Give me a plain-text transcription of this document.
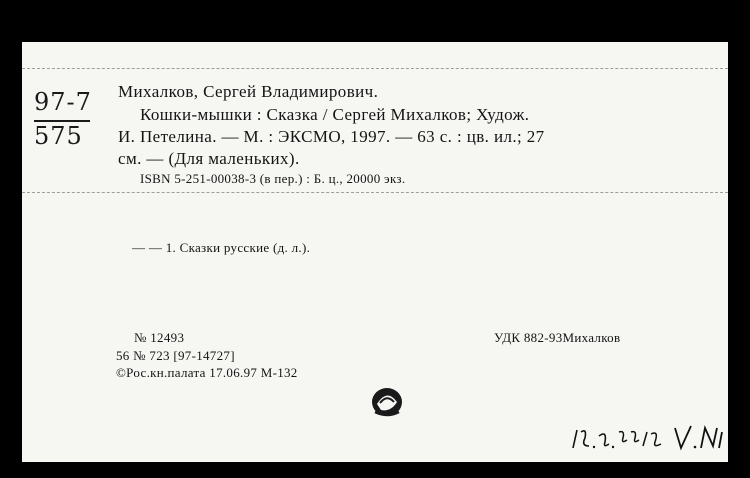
97-7
575
Михалков, Сергей Владимирович.
Кошки-мышки : Сказка / Сергей Михалков; Худож.
И. Петелина. — М. : ЭКСМО, 1997. — 63 с. : цв. ил.; 27
см. — (Для маленьких).
ISBN 5-251-00038-3 (в пер.) : Б. ц., 20000 экз.
— — 1. Сказки русские (д. л.).
№ 12493
56 № 723 [97-14727]
©Рос.кн.палата 17.06.97 М-132
УДК 882-93Михалков
